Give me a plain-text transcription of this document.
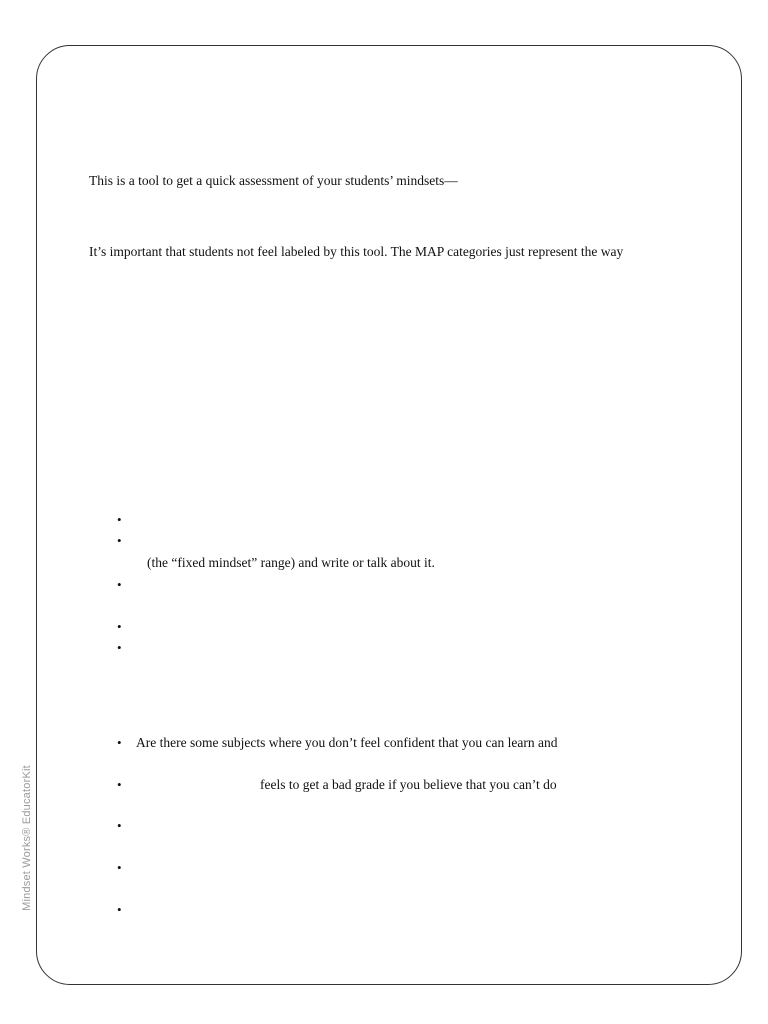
Mindset Works® EducatorKit
This is a tool to get a quick assessment of your students’ mindsets—
It’s important that students not feel labeled by this tool. The MAP categories just represent the way
•
•
(the “fixed mindset” range) and write or talk about it.
•
•
•
• Are there some subjects where you don’t feel confident that you can learn and
•	feels to get a bad grade if you believe that you can’t do
•
•
•
